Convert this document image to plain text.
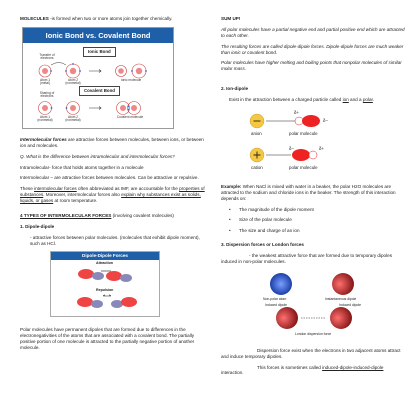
MOLECULES -is formed when two or more atoms join together chemically.

Ionic Bond vs. Covalent Bond
Ionic Bond
Covalent Bond
Transfer of electrons
Sharing of electrons
Atom 1
(metal)
Atom 2
(nonmetal)
Ionic molecule
Atom 1
(nonmetal)
Atom 2
(nonmetal)
Covalent molecule

Intermolecular forces are attractive forces between molecules, between ions, or between ion and molecules.

Q. What is the difference between intramolecular and intermolecular forces?

Intramolecular- force that holds atoms together in a molecule

Intermolecular – are attractive forces between molecules. Can be attractive or repulsive.

These intermolecular forces often abbreviated as IMF, are accountable for the properties of substances. Moreover, intermolecular forces also explain why substances exist as solids, liquids, or gases at room temperature.

4 TYPES OF INTERMOLECULAR FORCES (involving covalent molecules)

1. Dipole-dipole

- attractive forces between polar molecules. (molecules that exhibit dipole moment), such as HCl.

Dipole-Dipole Forces
Attraction
Repulsion

Polar molecules have permanent dipoles that are formed due to differences in the electronegativities of the atoms that are associated with a covalent bond. The partially positive portion of one molecule is attracted to the partially negative portion of another molecule.

SUM UP!

All polar molecules have a partial negative end and partial positive end which are attracted to each other.

The resulting forces are called dipole-dipole forces. Dipole-dipole forces are much weaker than ionic or covalent bond.

Polar molecules have higher melting and boiling points that nonpolar molecules of similar molar mass.

2. Ion-dipole

Exist in the attraction between a charged particle called ion and a polar.

anion	polar molecule
δ+
δ−
cation	polar molecule
δ−	δ+

Example: When NaCl is mixed with water in a beaker, the polar H2O molecules are attracted to the sodium and chloride ions in the beaker. The strength of this interaction depends on:

• The magnitude of the dipole moment
• Size of the polar molecule
• The size and charge of an ion

3. Dispersion forces or London forces

- the weakest attractive force that are formed due to temporary dipoles induced in non-polar molecules.

Non-polar atom	Instantaneous dipole
Induced dipole	Induced dipole
London dispersion force

Dispersion force exist when the electrons in two adjacent atoms attract and induce temporary dipoles.

This forces is sometimes called induced-dipole-induced-dipole interaction.
